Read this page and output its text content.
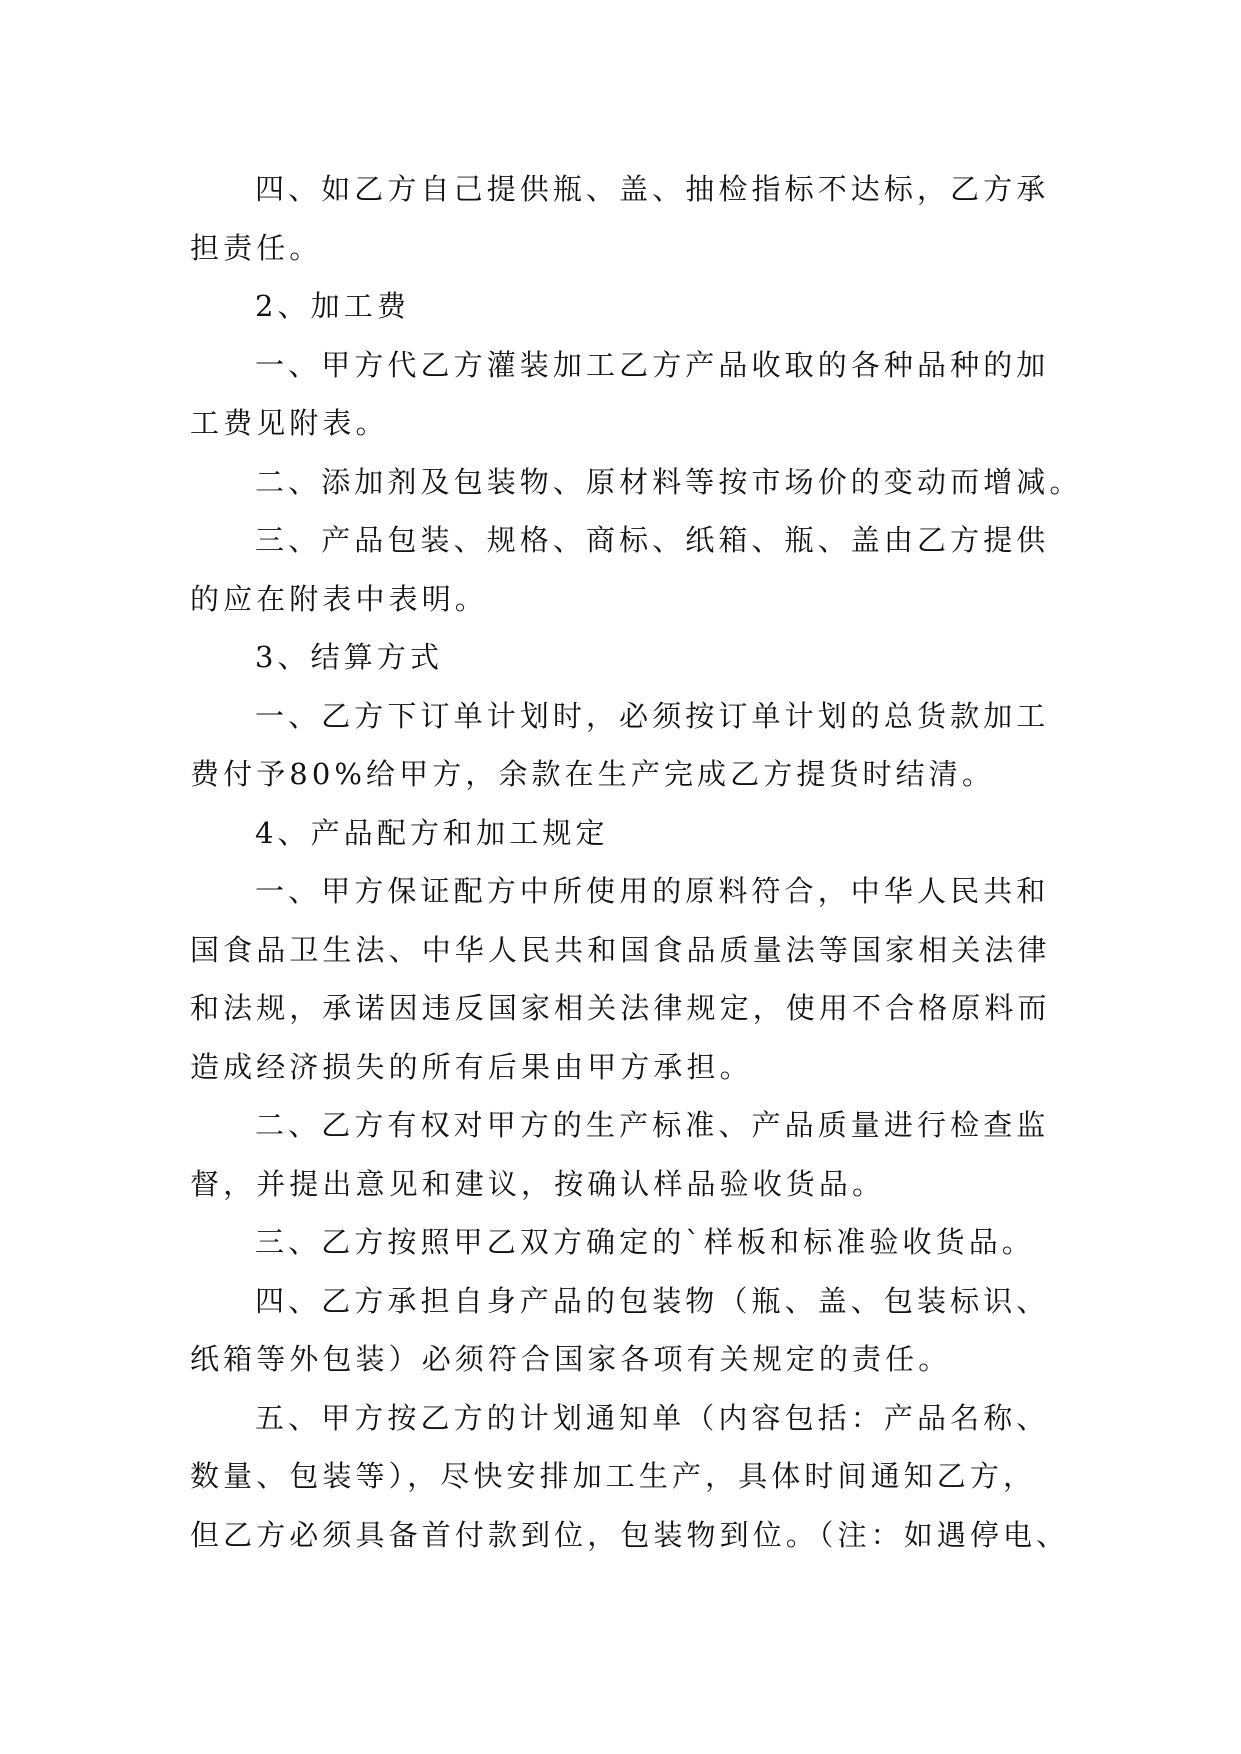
四、如乙方自己提供瓶、盖、抽检指标不达标，乙方承
担责任。
2、加工费
一、甲方代乙方灌装加工乙方产品收取的各种品种的加
工费见附表。
二、添加剂及包装物、原材料等按市场价的变动而增减。
三、产品包装、规格、商标、纸箱、瓶、盖由乙方提供
的应在附表中表明。
3、结算方式
一、乙方下订单计划时，必须按订单计划的总货款加工
费付予80%给甲方，余款在生产完成乙方提货时结清。
4、产品配方和加工规定
一、甲方保证配方中所使用的原料符合，中华人民共和
国食品卫生法、中华人民共和国食品质量法等国家相关法律
和法规，承诺因违反国家相关法律规定，使用不合格原料而
造成经济损失的所有后果由甲方承担。
二、乙方有权对甲方的生产标准、产品质量进行检查监
督，并提出意见和建议，按确认样品验收货品。
三、乙方按照甲乙双方确定的`样板和标准验收货品。
四、乙方承担自身产品的包装物（瓶、盖、包装标识、
纸箱等外包装）必须符合国家各项有关规定的责任。
五、甲方按乙方的计划通知单（内容包括：产品名称、
数量、包装等），尽快安排加工生产，具体时间通知乙方，
但乙方必须具备首付款到位，包装物到位。（注：如遇停电、
